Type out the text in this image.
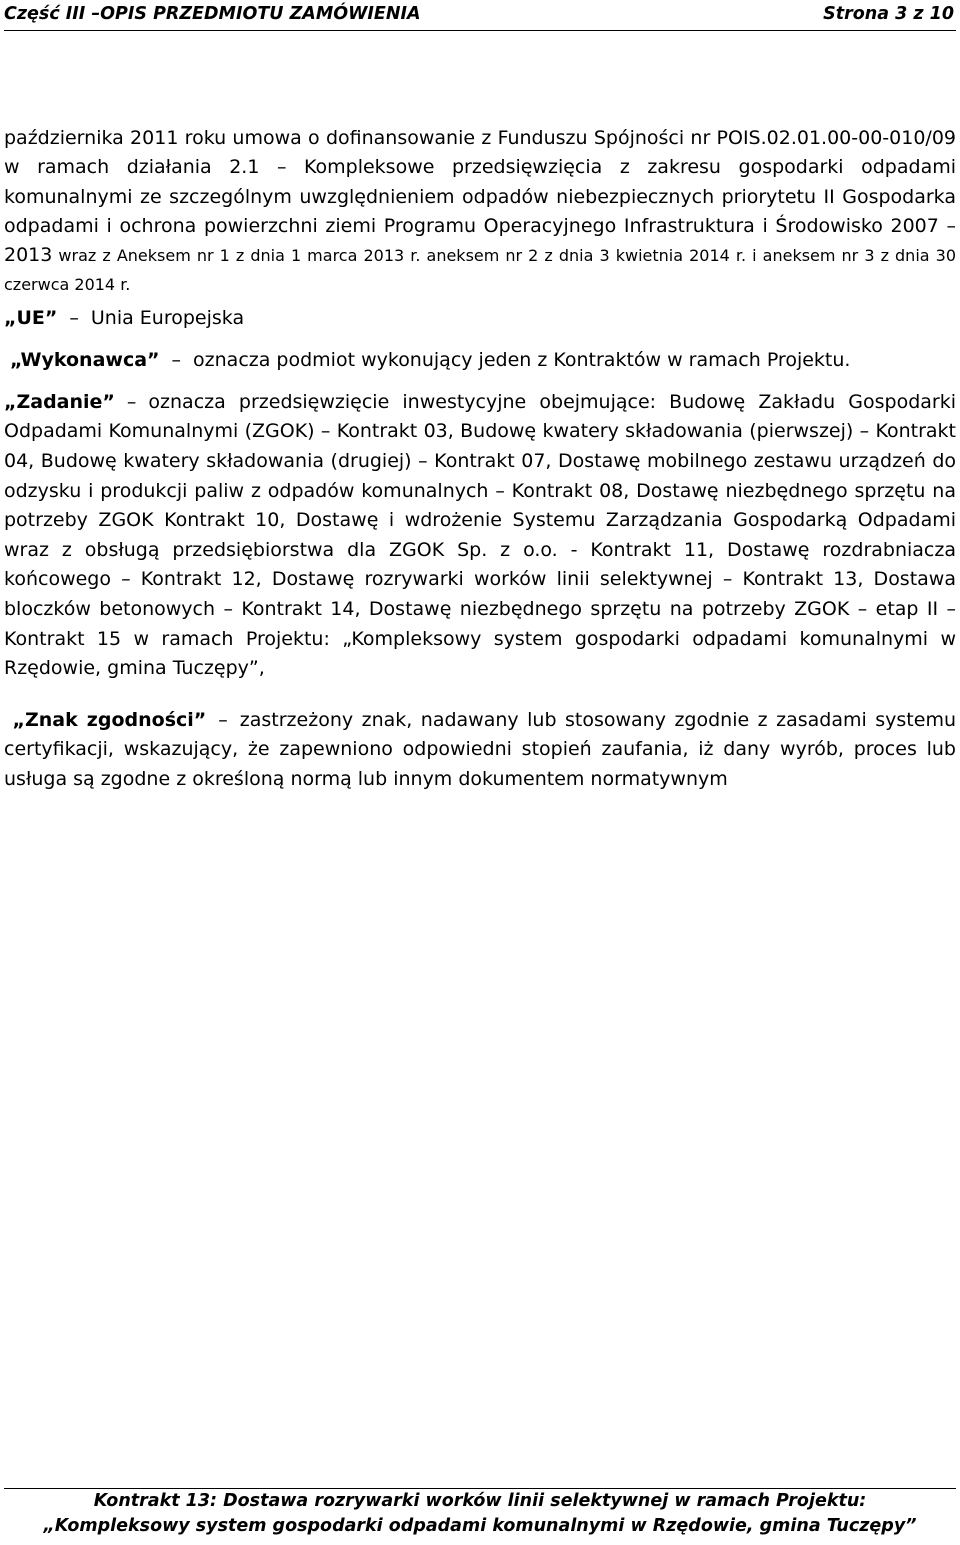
Część III –OPIS PRZEDMIOTU ZAMÓWIENIA	Strona 3 z 10

października 2011 roku umowa o dofinansowanie z Funduszu Spójności nr POIS.02.01.00-00-010/09 w ramach działania 2.1 – Kompleksowe przedsięwzięcia z zakresu gospodarki odpadami komunalnymi ze szczególnym uwzględnieniem odpadów niebezpiecznych priorytetu II Gospodarka odpadami i ochrona powierzchni ziemi Programu Operacyjnego Infrastruktura i Środowisko 2007 – 2013 wraz z Aneksem nr 1 z dnia 1 marca 2013 r. aneksem nr 2 z dnia 3 kwietnia 2014 r. i aneksem nr 3 z dnia 30 czerwca 2014 r.

„UE” – Unia Europejska

„Wykonawca” – oznacza podmiot wykonujący jeden z Kontraktów w ramach Projektu.

„Zadanie” – oznacza przedsięwzięcie inwestycyjne obejmujące: Budowę Zakładu Gospodarki Odpadami Komunalnymi (ZGOK) – Kontrakt 03, Budowę kwatery składowania (pierwszej) – Kontrakt 04, Budowę kwatery składowania (drugiej) – Kontrakt 07, Dostawę mobilnego zestawu urządzeń do odzysku i produkcji paliw z odpadów komunalnych – Kontrakt 08, Dostawę niezbędnego sprzętu na potrzeby ZGOK Kontrakt 10, Dostawę i wdrożenie Systemu Zarządzania Gospodarką Odpadami wraz z obsługą przedsiębiorstwa dla ZGOK Sp. z o.o. - Kontrakt 11, Dostawę rozdrabniacza końcowego – Kontrakt 12, Dostawę rozrywarki worków linii selektywnej – Kontrakt 13, Dostawa bloczków betonowych – Kontrakt 14, Dostawę niezbędnego sprzętu na potrzeby ZGOK – etap II – Kontrakt 15 w ramach Projektu: „Kompleksowy system gospodarki odpadami komunalnymi w Rzędowie, gmina Tuczępy”,

„Znak zgodności” – zastrzeżony znak, nadawany lub stosowany zgodnie z zasadami systemu certyfikacji, wskazujący, że zapewniono odpowiedni stopień zaufania, iż dany wyrób, proces lub usługa są zgodne z określoną normą lub innym dokumentem normatywnym

Kontrakt 13: Dostawa rozrywarki worków linii selektywnej w ramach Projektu:
„Kompleksowy system gospodarki odpadami komunalnymi w Rzędowie, gmina Tuczępy”
